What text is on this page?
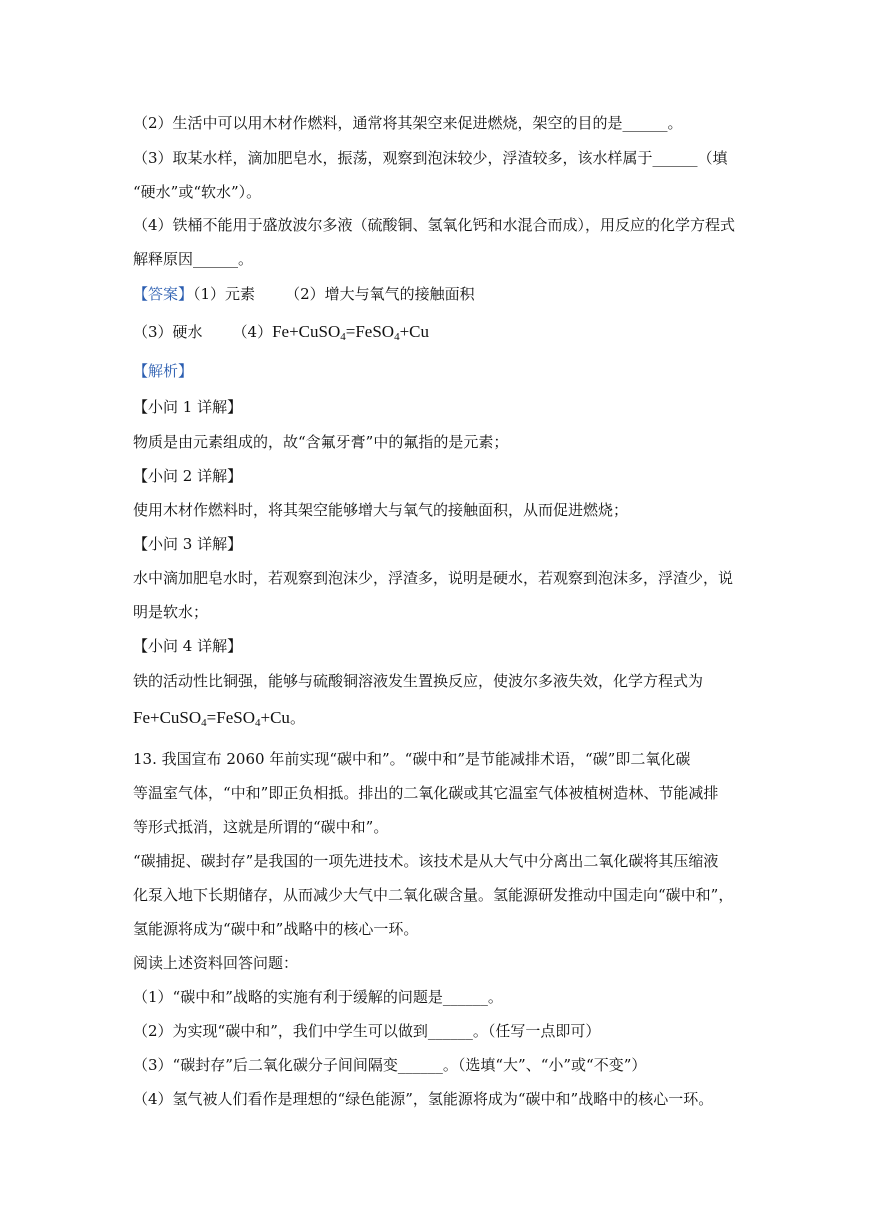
（2）生活中可以用木材作燃料，通常将其架空来促进燃烧，架空的目的是______。
（3）取某水样，滴加肥皂水，振荡，观察到泡沫较少，浮渣较多，该水样属于______（填
“硬水”或“软水”）。
（4）铁桶不能用于盛放波尔多液（硫酸铜、氢氧化钙和水混合而成），用反应的化学方程式
解释原因______。
【答案】（1）元素 （2）增大与氧气的接触面积
（3）硬水 （4）Fe+CuSO$_4$=FeSO$_4$+Cu
【解析】
【小问 1 详解】
物质是由元素组成的，故“含氟牙膏”中的氟指的是元素；
【小问 2 详解】
使用木材作燃料时，将其架空能够增大与氧气的接触面积，从而促进燃烧；
【小问 3 详解】
水中滴加肥皂水时，若观察到泡沫少，浮渣多，说明是硬水，若观察到泡沫多，浮渣少，说
明是软水；
【小问 4 详解】
铁的活动性比铜强，能够与硫酸铜溶液发生置换反应，使波尔多液失效，化学方程式为
Fe+CuSO$_4$=FeSO$_4$+Cu。
13. 我国宣布 2060 年前实现“碳中和”。“碳中和”是节能减排术语，“碳”即二氧化碳
等温室气体，“中和”即正负相抵。排出的二氧化碳或其它温室气体被植树造林、节能减排
等形式抵消，这就是所谓的“碳中和”。
“碳捕捉、碳封存”是我国的一项先进技术。该技术是从大气中分离出二氧化碳将其压缩液
化泵入地下长期储存，从而减少大气中二氧化碳含量。氢能源研发推动中国走向“碳中和”，
氢能源将成为“碳中和”战略中的核心一环。
阅读上述资料回答问题：
（1）“碳中和”战略的实施有利于缓解的问题是______。
（2）为实现“碳中和”，我们中学生可以做到______。（任写一点即可）
（3）“碳封存”后二氧化碳分子间间隔变______。（选填“大”、“小”或“不变”）
（4）氢气被人们看作是理想的“绿色能源”，氢能源将成为“碳中和”战略中的核心一环。
